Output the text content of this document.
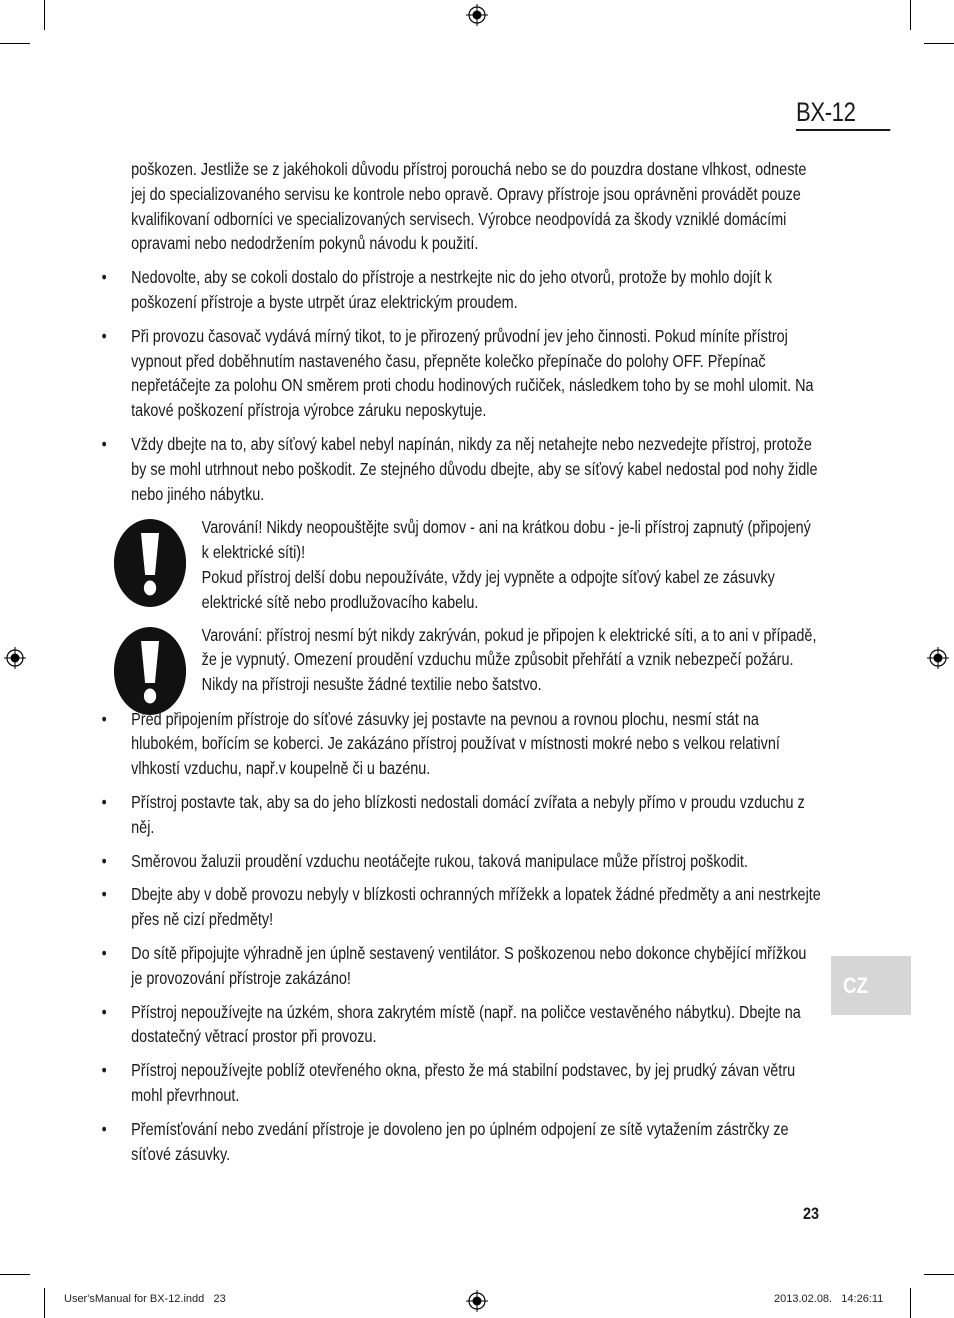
BX-12
poškozen. Jestliže se z jakéhokoli důvodu přístroj porouchá nebo se do pouzdra dostane vlhkost, odneste jej do specializovaného servisu ke kontrole nebo opravě. Opravy přístroje jsou oprávněni provádět pouze kvalifikovaní odborníci ve specializovaných servisech. Výrobce neodpovídá za škody vzniklé domácími opravami nebo nedodržením pokynů návodu k použití.
•	Nedovolte, aby se cokoli dostalo do přístroje a nestrkejte nic do jeho otvorů, protože by mohlo dojít k poškození přístroje a byste utrpět úraz elektrickým proudem.
•	Při provozu časovač vydává mírný tikot, to je přirozený průvodní jev jeho činnosti. Pokud míníte přístroj vypnout před doběhnutím nastaveného času, přepněte kolečko přepínače do polohy OFF. Přepínač nepřetáčejte za polohu ON směrem proti chodu hodinových ručiček, následkem toho by se mohl ulomit. Na takové poškození přístroja výrobce záruku neposkytuje.
•	Vždy dbejte na to, aby síťový kabel nebyl napínán, nikdy za něj netahejte nebo nezvedejte přístroj, protože by se mohl utrhnout nebo poškodit. Ze stejného důvodu dbejte, aby se síťový kabel nedostal pod nohy židle nebo jiného nábytku.

Varování! Nikdy neopouštějte svůj domov - ani na krátkou dobu - je-li přístroj zapnutý (připojený k elektrické síti)!

Pokud přístroj delší dobu nepoužíváte, vždy jej vypněte a odpojte síťový kabel ze zásuvky elektrické sítě nebo prodlužovacího kabelu.

Varování: přístroj nesmí být nikdy zakrýván, pokud je připojen k elektrické síti, a to ani v případě, že je vypnutý. Omezení proudění vzduchu může způsobit přehřátí a vznik nebezpečí požáru. Nikdy na přístroji nesušte žádné textilie nebo šatstvo.

•	Před připojením přístroje do síťové zásuvky jej postavte na pevnou a rovnou plochu, nesmí stát na hlubokém, bořícím se koberci. Je zakázáno přístroj používat v místnosti mokré nebo s velkou relativní vlhkostí vzduchu, např.v koupelně či u bazénu.
•	Přístroj postavte tak, aby sa do jeho blízkosti nedostali domácí zvířata a nebyly přímo v proudu vzduchu z něj.
•	Směrovou žaluzii proudění vzduchu neotáčejte rukou, taková manipulace může přístroj poškodit.
•	Dbejte aby v době provozu nebyly v blízkosti ochranných mřížekk a lopatek žádné předměty a ani nestrkejte přes ně cizí předměty!
•	Do sítě připojujte výhradně jen úplně sestavený ventilátor. S poškozenou nebo dokonce chybějící mřížkou je provozování přístroje zakázáno!
•	Přístroj nepoužívejte na úzkém, shora zakrytém místě (např. na poličce vestavěného nábytku). Dbejte na dostatečný větrací prostor při provozu.
•	Přístroj nepoužívejte poblíž otevřeného okna, přesto že má stabilní podstavec, by jej prudký závan větru mohl převrhnout.
•	Přemísťování nebo zvedání přístroje je dovoleno jen po úplném odpojení ze sítě vytažením zástrčky ze síťové zásuvky.
CZ
23
User'sManual for BX-12.indd   23	2013.02.08.   14:26:11
